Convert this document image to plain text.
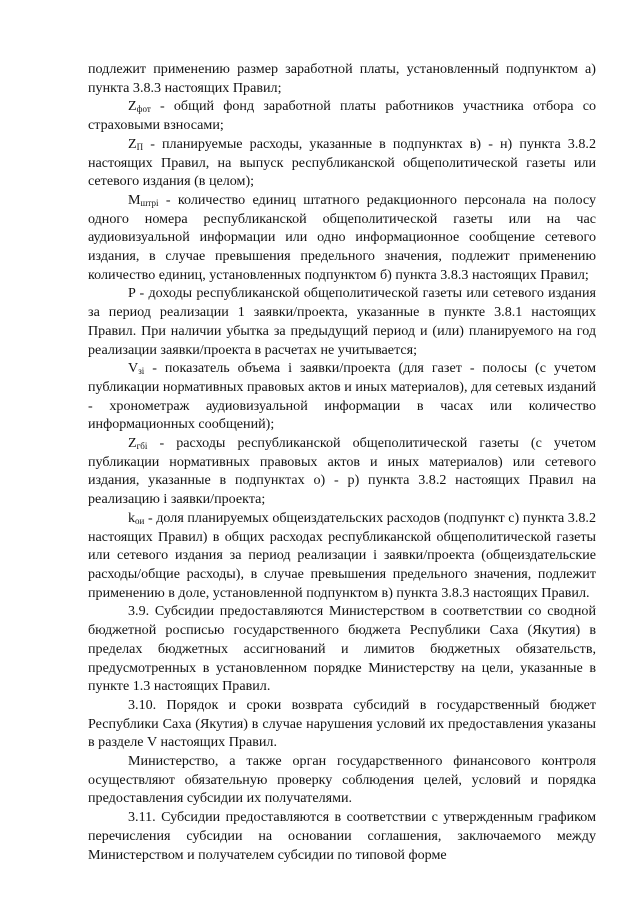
подлежит применению размер заработной платы, установленный подпунктом а) пункта 3.8.3 настоящих Правил;

$Z_{фот}$ - общий фонд заработной платы работников участника отбора со страховыми взносами;

$Z_П$ - планируемые расходы, указанные в подпунктах в) - н) пункта 3.8.2 настоящих Правил, на выпуск республиканской общеполитической газеты или сетевого издания (в целом);

$M_{штрi}$ - количество единиц штатного редакционного персонала на полосу одного номера республиканской общеполитической газеты или на час аудиовизуальной информации или одно информационное сообщение сетевого издания, в случае превышения предельного значения, подлежит применению количество единиц, установленных подпунктом б) пункта 3.8.3 настоящих Правил;

P - доходы республиканской общеполитической газеты или сетевого издания за период реализации 1 заявки/проекта, указанные в пункте 3.8.1 настоящих Правил. При наличии убытка за предыдущий период и (или) планируемого на год реализации заявки/проекта в расчетах не учитывается;

$V_{зi}$ - показатель объема i заявки/проекта (для газет - полосы (с учетом публикации нормативных правовых актов и иных материалов), для сетевых изданий - хронометраж аудиовизуальной информации в часах или количество информационных сообщений);

$Z_{гбi}$ - расходы республиканской общеполитической газеты (с учетом публикации нормативных правовых актов и иных материалов) или сетевого издания, указанные в подпунктах о) - р) пункта 3.8.2 настоящих Правил на реализацию i заявки/проекта;

$k_{ои}$ - доля планируемых общеиздательских расходов (подпункт с) пункта 3.8.2 настоящих Правил) в общих расходах республиканской общеполитической газеты или сетевого издания за период реализации i заявки/проекта (общеиздательские расходы/общие расходы), в случае превышения предельного значения, подлежит применению в доле, установленной подпунктом в) пункта 3.8.3 настоящих Правил.

3.9. Субсидии предоставляются Министерством в соответствии со сводной бюджетной росписью государственного бюджета Республики Саха (Якутия) в пределах бюджетных ассигнований и лимитов бюджетных обязательств, предусмотренных в установленном порядке Министерству на цели, указанные в пункте 1.3 настоящих Правил.

3.10. Порядок и сроки возврата субсидий в государственный бюджет Республики Саха (Якутия) в случае нарушения условий их предоставления указаны в разделе V настоящих Правил.

Министерство, а также орган государственного финансового контроля осуществляют обязательную проверку соблюдения целей, условий и порядка предоставления субсидии их получателями.

3.11. Субсидии предоставляются в соответствии с утвержденным графиком перечисления субсидии на основании соглашения, заключаемого между Министерством и получателем субсидии по типовой форме
